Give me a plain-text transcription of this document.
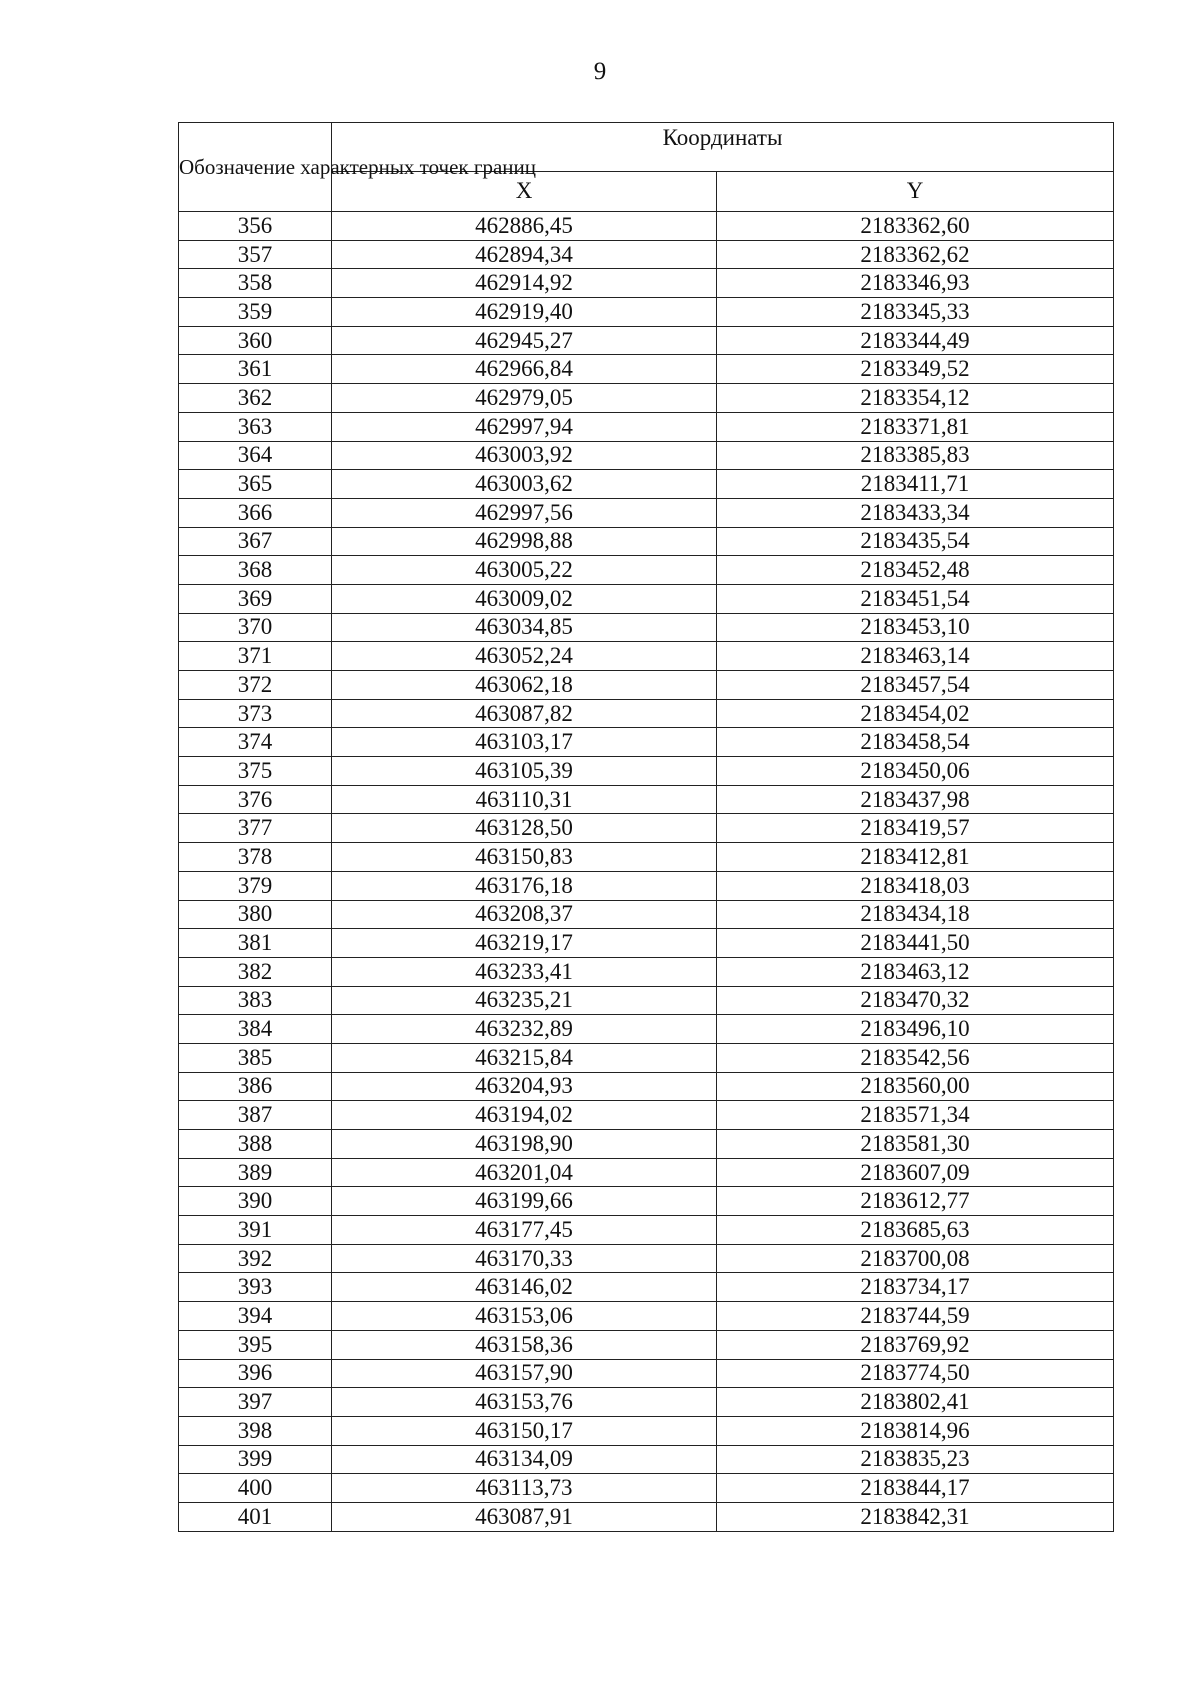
9
Обозначение характерных точек границ	Координаты	
	X	Y
356	462886,45	2183362,60
357	462894,34	2183362,62
358	462914,92	2183346,93
359	462919,40	2183345,33
360	462945,27	2183344,49
361	462966,84	2183349,52
362	462979,05	2183354,12
363	462997,94	2183371,81
364	463003,92	2183385,83
365	463003,62	2183411,71
366	462997,56	2183433,34
367	462998,88	2183435,54
368	463005,22	2183452,48
369	463009,02	2183451,54
370	463034,85	2183453,10
371	463052,24	2183463,14
372	463062,18	2183457,54
373	463087,82	2183454,02
374	463103,17	2183458,54
375	463105,39	2183450,06
376	463110,31	2183437,98
377	463128,50	2183419,57
378	463150,83	2183412,81
379	463176,18	2183418,03
380	463208,37	2183434,18
381	463219,17	2183441,50
382	463233,41	2183463,12
383	463235,21	2183470,32
384	463232,89	2183496,10
385	463215,84	2183542,56
386	463204,93	2183560,00
387	463194,02	2183571,34
388	463198,90	2183581,30
389	463201,04	2183607,09
390	463199,66	2183612,77
391	463177,45	2183685,63
392	463170,33	2183700,08
393	463146,02	2183734,17
394	463153,06	2183744,59
395	463158,36	2183769,92
396	463157,90	2183774,50
397	463153,76	2183802,41
398	463150,17	2183814,96
399	463134,09	2183835,23
400	463113,73	2183844,17
401	463087,91	2183842,31
